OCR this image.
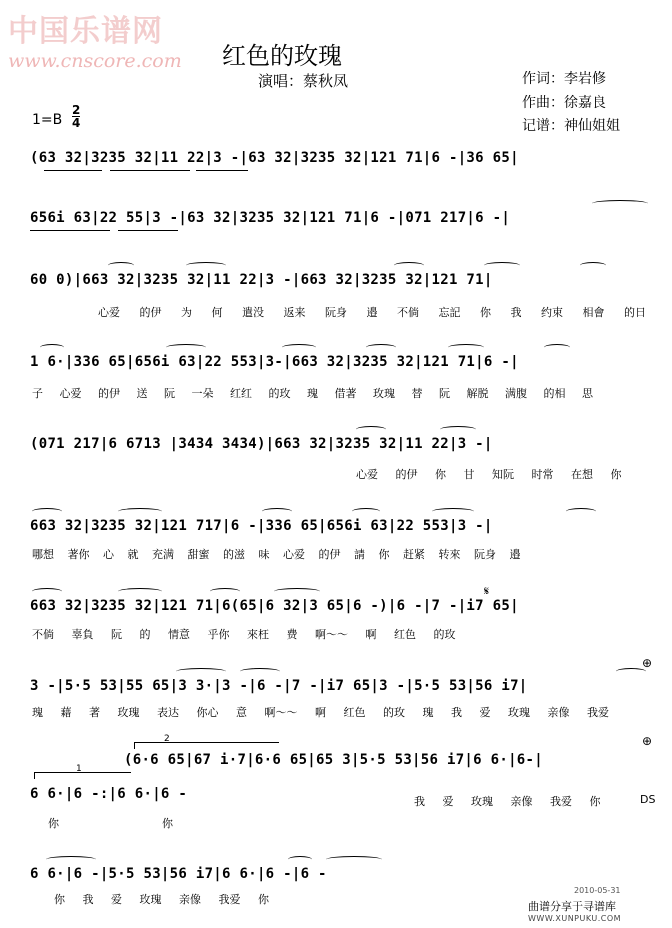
中国乐谱网
www.cnscore.com 红色的玫瑰
演唱：蔡秋凤	作词：李岩修
作曲：徐嘉良
记谱：神仙姐姐
1=B
2
4
(63 32|3235 32|11 22|3 -|63 32|3235 32|121 71|6 -|36 65|
656i 63|22 55|3 -|63 32|3235 32|121 71|6 -|071 217|6 -|
60 0)|663 32|3235 32|11 22|3 -|663 32|3235 32|121 71|
心爱 的伊 为 何 遣没 返来 阮身 邉 不倘 忘記 你 我 约束 相會 的日
1 6·|336 65|656i 63|22 553|3-|663 32|3235 32|121 71|6 -|
子 心爱 的伊 送 阮 一朵 红红 的玫 瑰 借著 玫瑰 替 阮 解脱 满腹 的相 思
(071 217|6 6713 |3434 3434)|663 32|3235 32|11 22|3 -|
心爱 的伊 你 甘 知阮 时常 在想 你
663 32|3235 32|121 717|6 -|336 65|656i 63|22 553|3 -|
哪想 著你 心 就 充满 甜蜜 的滋 味 心爱 的伊 請 你 赶紧 转來 阮身 邉
663 32|3235 32|121 71|6(65|6 32|3 65|6 -)|6 -|7 -|i7 65|
𝄋
不倘 辜負 阮 的 情意 乎你 來枉 费 啊～～ 啊 红色 的玫
3 -|5·5 53|55 65|3 3·|3 -|6 -|7 -|i7 65|3 -|5·5 53|56 i7|
⊕
瑰 藉 著 玫瑰 表达 你心 意 啊～～ 啊 红色 的玫 瑰 我 爱 玫瑰 亲像 我爱
2
(6·6 65|67 i·7|6·6 65|65 3|5·5 53|56 i7|6 6·|6-|
⊕
1
6 6·|6 -:|6 6·|6 -	我 爱 玫瑰 亲像 我爱 你	DS
你	你
6 6·|6 -|5·5 53|56 i7|6 6·|6 -|6 -
你 我 爱 玫瑰 亲像 我爱 你
2010-05-31
曲谱分享于寻谱库
WWW.XUNPUKU.COM
